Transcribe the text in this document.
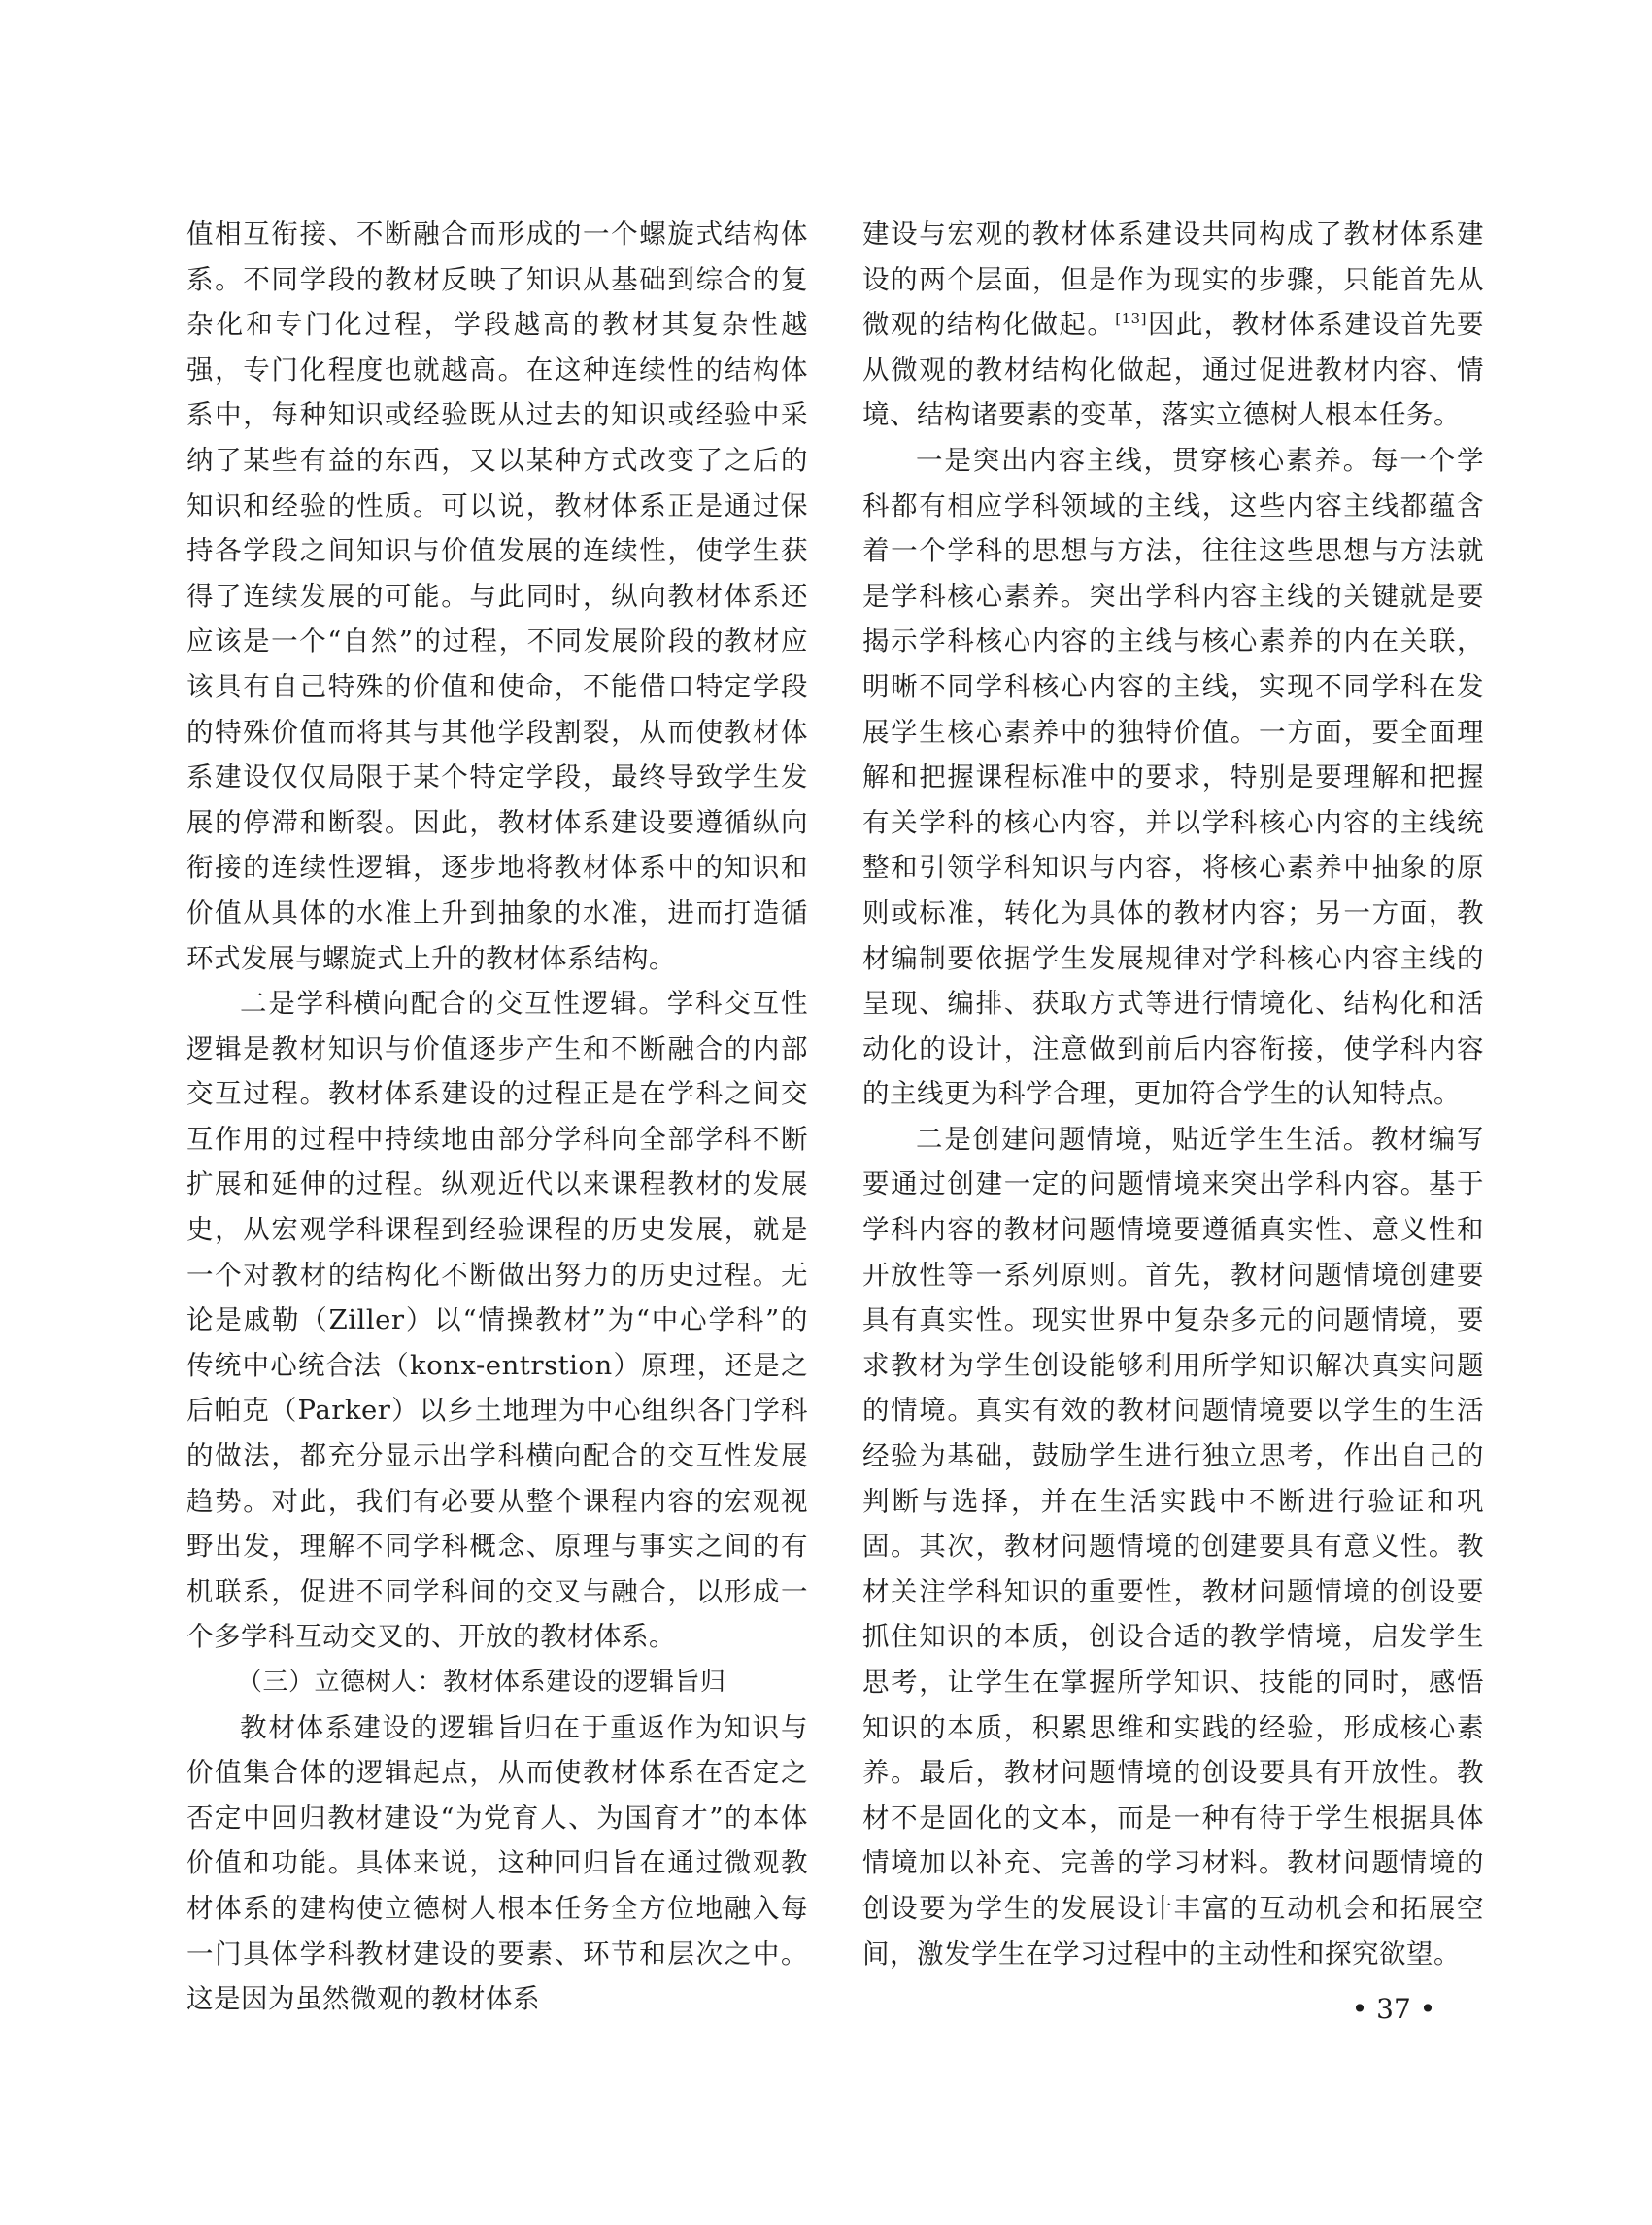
值相互衔接、不断融合而形成的一个螺旋式结构体系。不同学段的教材反映了知识从基础到综合的复杂化和专门化过程，学段越高的教材其复杂性越强，专门化程度也就越高。在这种连续性的结构体系中，每种知识或经验既从过去的知识或经验中采纳了某些有益的东西，又以某种方式改变了之后的知识和经验的性质。可以说，教材体系正是通过保持各学段之间知识与价值发展的连续性，使学生获得了连续发展的可能。与此同时，纵向教材体系还应该是一个“自然”的过程，不同发展阶段的教材应该具有自己特殊的价值和使命，不能借口特定学段的特殊价值而将其与其他学段割裂，从而使教材体系建设仅仅局限于某个特定学段，最终导致学生发展的停滞和断裂。因此，教材体系建设要遵循纵向衔接的连续性逻辑，逐步地将教材体系中的知识和价值从具体的水准上升到抽象的水准，进而打造循环式发展与螺旋式上升的教材体系结构。

二是学科横向配合的交互性逻辑。学科交互性逻辑是教材知识与价值逐步产生和不断融合的内部交互过程。教材体系建设的过程正是在学科之间交互作用的过程中持续地由部分学科向全部学科不断扩展和延伸的过程。纵观近代以来课程教材的发展史，从宏观学科课程到经验课程的历史发展，就是一个对教材的结构化不断做出努力的历史过程。无论是戚勒（Ziller）以“情操教材”为“中心学科”的传统中心统合法（konx-entrstion）原理，还是之后帕克（Parker）以乡土地理为中心组织各门学科的做法，都充分显示出学科横向配合的交互性发展趋势。对此，我们有必要从整个课程内容的宏观视野出发，理解不同学科概念、原理与事实之间的有机联系，促进不同学科间的交叉与融合，以形成一个多学科互动交叉的、开放的教材体系。

（三）立德树人：教材体系建设的逻辑旨归

教材体系建设的逻辑旨归在于重返作为知识与价值集合体的逻辑起点，从而使教材体系在否定之否定中回归教材建设“为党育人、为国育才”的本体价值和功能。具体来说，这种回归旨在通过微观教材体系的建构使立德树人根本任务全方位地融入每一门具体学科教材建设的要素、环节和层次之中。这是因为虽然微观的教材体系

建设与宏观的教材体系建设共同构成了教材体系建设的两个层面，但是作为现实的步骤，只能首先从微观的结构化做起。[13]因此，教材体系建设首先要从微观的教材结构化做起，通过促进教材内容、情境、结构诸要素的变革，落实立德树人根本任务。

一是突出内容主线，贯穿核心素养。每一个学科都有相应学科领域的主线，这些内容主线都蕴含着一个学科的思想与方法，往往这些思想与方法就是学科核心素养。突出学科内容主线的关键就是要揭示学科核心内容的主线与核心素养的内在关联，明晰不同学科核心内容的主线，实现不同学科在发展学生核心素养中的独特价值。一方面，要全面理解和把握课程标准中的要求，特别是要理解和把握有关学科的核心内容，并以学科核心内容的主线统整和引领学科知识与内容，将核心素养中抽象的原则或标准，转化为具体的教材内容；另一方面，教材编制要依据学生发展规律对学科核心内容主线的呈现、编排、获取方式等进行情境化、结构化和活动化的设计，注意做到前后内容衔接，使学科内容的主线更为科学合理，更加符合学生的认知特点。

二是创建问题情境，贴近学生生活。教材编写要通过创建一定的问题情境来突出学科内容。基于学科内容的教材问题情境要遵循真实性、意义性和开放性等一系列原则。首先，教材问题情境创建要具有真实性。现实世界中复杂多元的问题情境，要求教材为学生创设能够利用所学知识解决真实问题的情境。真实有效的教材问题情境要以学生的生活经验为基础，鼓励学生进行独立思考，作出自己的判断与选择，并在生活实践中不断进行验证和巩固。其次，教材问题情境的创建要具有意义性。教材关注学科知识的重要性，教材问题情境的创设要抓住知识的本质，创设合适的教学情境，启发学生思考，让学生在掌握所学知识、技能的同时，感悟知识的本质，积累思维和实践的经验，形成核心素养。最后，教材问题情境的创设要具有开放性。教材不是固化的文本，而是一种有待于学生根据具体情境加以补充、完善的学习材料。教材问题情境的创设要为学生的发展设计丰富的互动机会和拓展空间，激发学生在学习过程中的主动性和探究欲望。

• 37 •
